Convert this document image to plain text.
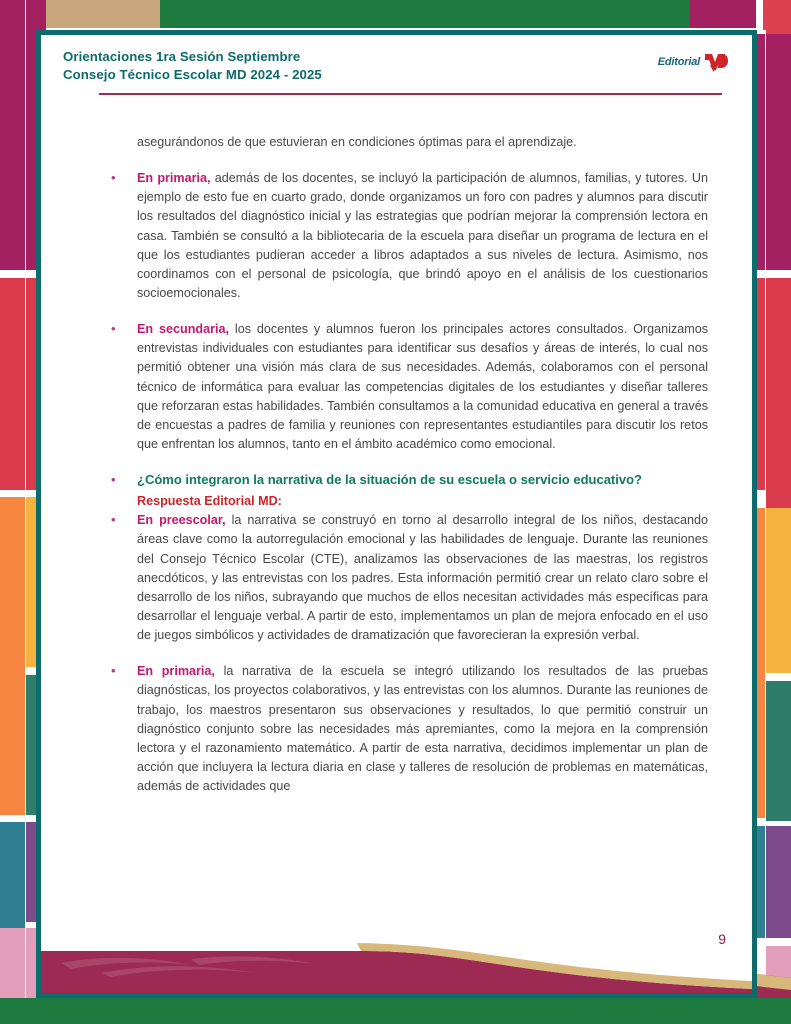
Orientaciones 1ra Sesión Septiembre
Consejo Técnico Escolar MD 2024 - 2025
Editorial

asegurándonos de que estuvieran en condiciones óptimas para el aprendizaje.

• En primaria, además de los docentes, se incluyó la participación de alumnos, familias, y tutores. Un ejemplo de esto fue en cuarto grado, donde organizamos un foro con padres y alumnos para discutir los resultados del diagnóstico inicial y las estrategias que podrían mejorar la comprensión lectora en casa. También se consultó a la bibliotecaria de la escuela para diseñar un programa de lectura en el que los estudiantes pudieran acceder a libros adaptados a sus niveles de lectura. Asimismo, nos coordinamos con el personal de psicología, que brindó apoyo en el análisis de los cuestionarios socioemocionales.
• En secundaria, los docentes y alumnos fueron los principales actores consultados. Organizamos entrevistas individuales con estudiantes para identificar sus desafíos y áreas de interés, lo cual nos permitió obtener una visión más clara de sus necesidades. Además, colaboramos con el personal técnico de informática para evaluar las competencias digitales de los estudiantes y diseñar talleres que reforzaran estas habilidades. También consultamos a la comunidad educativa en general a través de encuestas a padres de familia y reuniones con representantes estudiantiles para discutir los retos que enfrentan los alumnos, tanto en el ámbito académico como emocional.
• ¿Cómo integraron la narrativa de la situación de su escuela o servicio educativo?
Respuesta Editorial MD:
• En preescolar, la narrativa se construyó en torno al desarrollo integral de los niños, destacando áreas clave como la autorregulación emocional y las habilidades de lenguaje. Durante las reuniones del Consejo Técnico Escolar (CTE), analizamos las observaciones de las maestras, los registros anecdóticos, y las entrevistas con los padres. Esta información permitió crear un relato claro sobre el desarrollo de los niños, subrayando que muchos de ellos necesitan actividades más específicas para desarrollar el lenguaje verbal. A partir de esto, implementamos un plan de mejora enfocado en el uso de juegos simbólicos y actividades de dramatización que favorecieran la expresión verbal.
• En primaria, la narrativa de la escuela se integró utilizando los resultados de las pruebas diagnósticas, los proyectos colaborativos, y las entrevistas con los alumnos. Durante las reuniones de trabajo, los maestros presentaron sus observaciones y resultados, lo que permitió construir un diagnóstico conjunto sobre las necesidades más apremiantes, como la mejora en la comprensión lectora y el razonamiento matemático. A partir de esta narrativa, decidimos implementar un plan de acción que incluyera la lectura diaria en clase y talleres de resolución de problemas en matemáticas, además de actividades que
9
